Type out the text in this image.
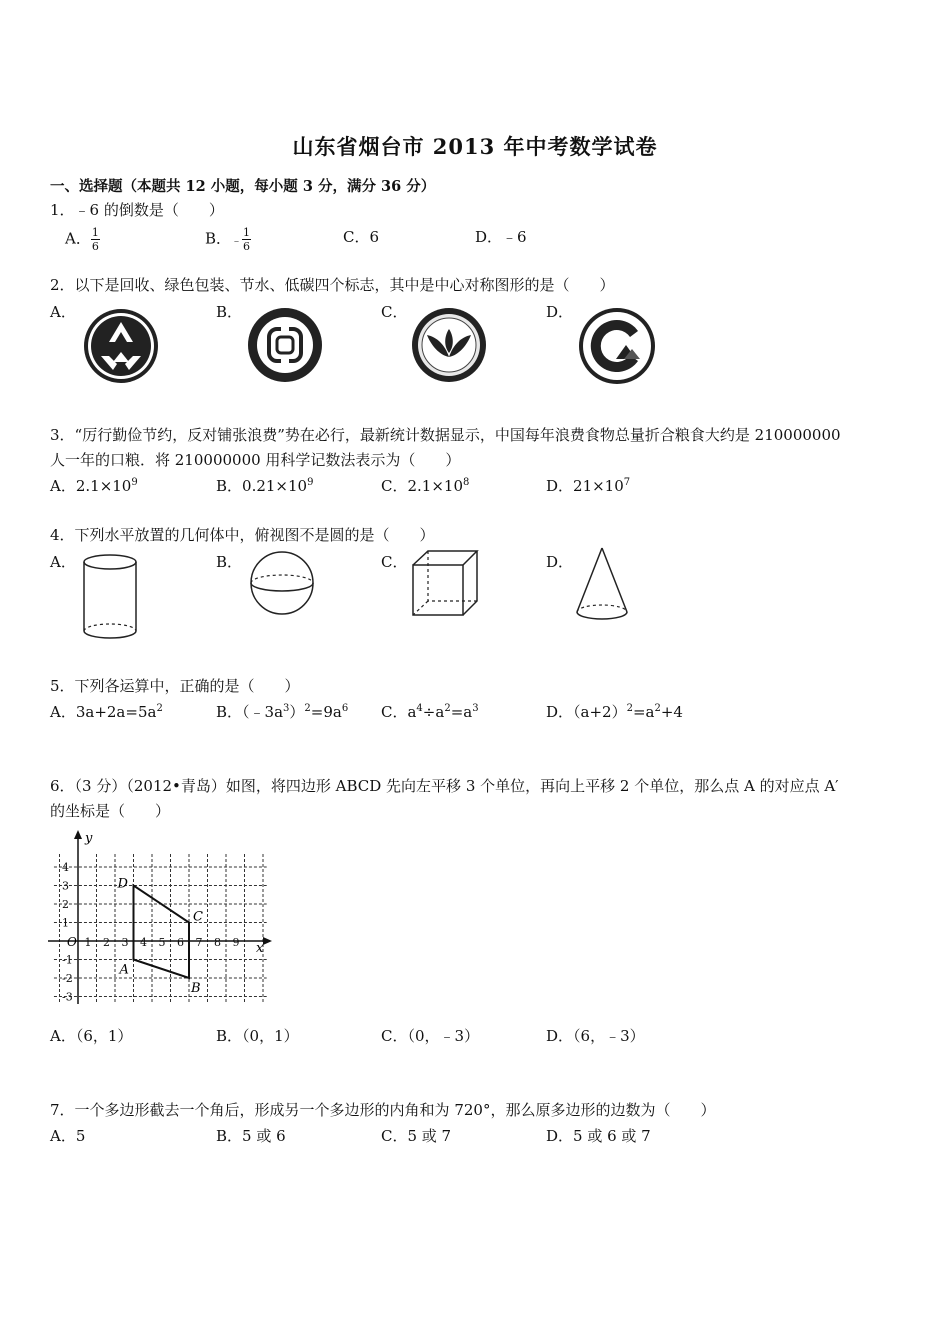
山东省烟台市 2013 年中考数学试卷
一、选择题（本题共 12 小题，每小题 3 分，满分 36 分）
1．﹣6 的倒数是（　　）
A． $\frac{1}{6}$	B．﹣ $\frac{1}{6}$	C．6	D．﹣6
2．以下是回收、绿色包装、节水、低碳四个标志，其中是中心对称图形的是（　　）
A．	B．	C．	D．
3．“厉行勤俭节约，反对铺张浪费”势在必行，最新统计数据显示，中国每年浪费食物总量折合粮食大约是 210000000
人一年的口粮．将 210000000 用科学记数法表示为（　　）
A．$2.1\times 10^9$	B．$0.21\times 10^9$	C．$2.1\times 10^8$	D．$21\times 10^7$
4．下列水平放置的几何体中，俯视图不是圆的是（　　）
A．	B．	C．	D．
5．下列各运算中，正确的是（　　）
A．$3a+2a=5a^2$	B．$(﹣3a^3)^2=9a^6$ C．$a^4\div a^2=a^3$	D．$(a+2)^2=a^2+4$
6．（3 分）（2012•青岛）如图，将四边形 ABCD 先向左平移 3 个单位，再向上平移 2 个单位，那么点 A 的对应点 A′
的坐标是（　　）
1 2 3 4 5 6 7 8 9
4
3
2
1
-1
-2
-3
O	x
y
A
B
C
D
A．（6，1）	B．（0，1）	C．（0，﹣3）	D．（6，﹣3）
7．一个多边形截去一个角后，形成另一个多边形的内角和为 720°，那么原多边形的边数为（　　）
A．5	B．5 或 6	C．5 或 7	D．5 或 6 或 7
